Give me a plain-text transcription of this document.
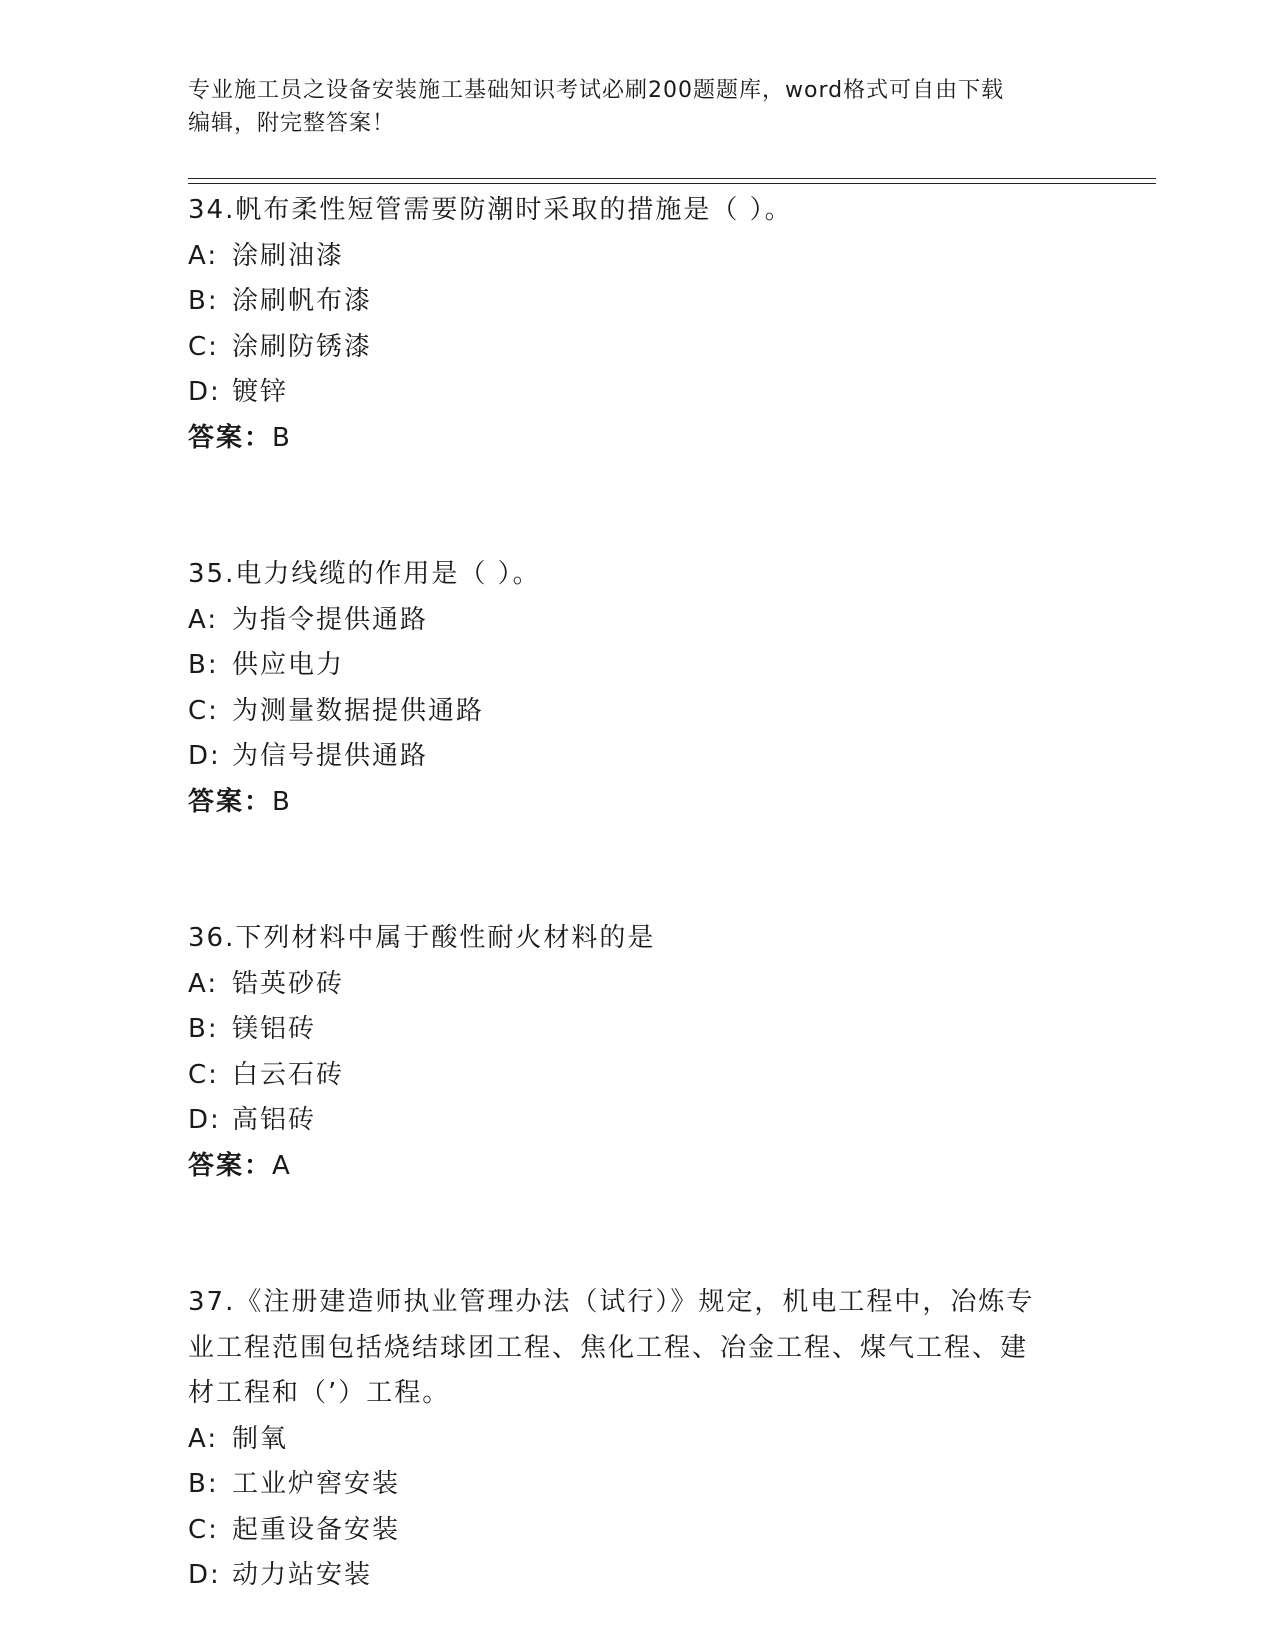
专业施工员之设备安装施工基础知识考试必刷200题题库，word格式可自由下载
编辑，附完整答案！

34.帆布柔性短管需要防潮时采取的措施是（ ）。

A: 涂刷油漆

B: 涂刷帆布漆

C: 涂刷防锈漆

D: 镀锌

答案：B

35.电力线缆的作用是（ ）。

A: 为指令提供通路

B: 供应电力

C: 为测量数据提供通路

D: 为信号提供通路

答案：B

36.下列材料中属于酸性耐火材料的是

A: 锆英砂砖

B: 镁铝砖

C: 白云石砖

D: 高铝砖

答案：A

37.《注册建造师执业管理办法（试行）》规定，机电工程中，冶炼专

业工程范围包括烧结球团工程、焦化工程、冶金工程、煤气工程、建

材工程和（’）工程。

A: 制氧

B: 工业炉窖安装

C: 起重设备安装

D: 动力站安装
